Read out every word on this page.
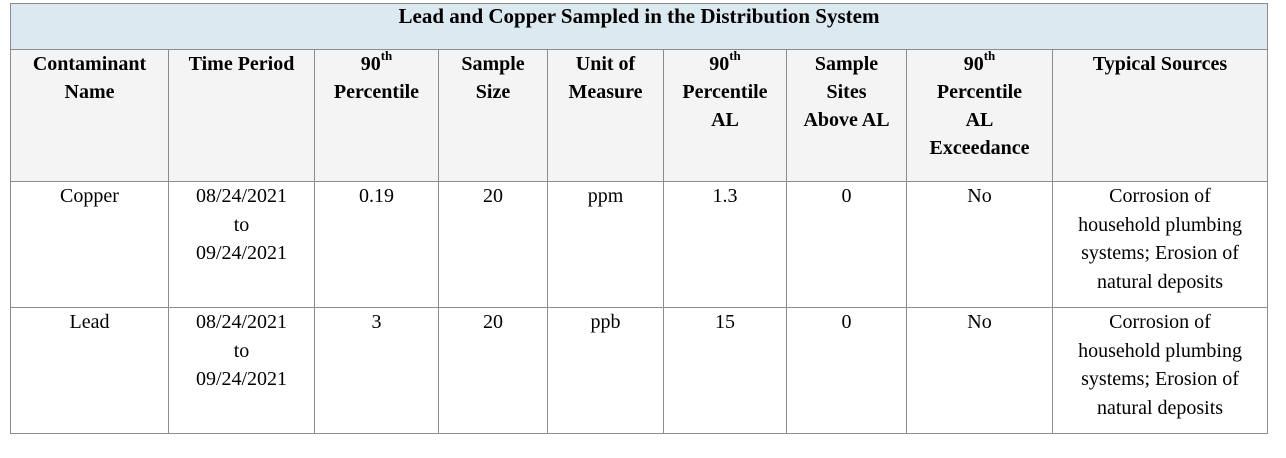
Lead and Copper Sampled in the Distribution System								

Contaminant
Name	Time Period	90th
Percentile	Sample
Size	Unit of
Measure	90th
Percentile
AL	Sample
Sites
Above AL	90th
Percentile
AL
Exceedance	Typical Sources

Copper	08/24/2021
to
09/24/2021	0.19	20	ppm	1.3	0	No	Corrosion of
household plumbing
systems; Erosion of
natural deposits

Lead	08/24/2021
to
09/24/2021	3	20	ppb	15	0	No	Corrosion of
household plumbing
systems; Erosion of
natural deposits
